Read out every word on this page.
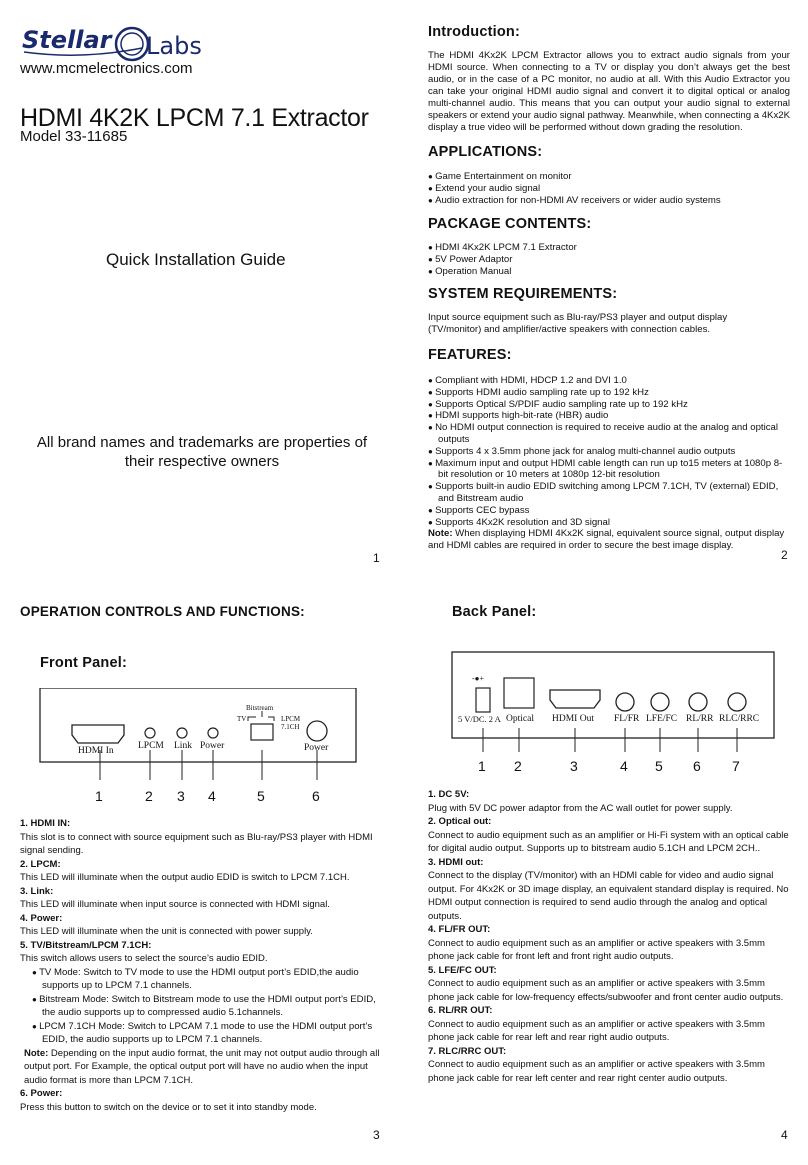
Stellar Labs
www.mcmelectronics.com
HDMI 4K2K LPCM 7.1 Extractor
Model 33-11685
Quick Installation Guide
All brand names and trademarks are properties of their respective owners
1
Introduction:
The HDMI 4Kx2K LPCM Extractor allows you to extract audio signals from your HDMI source. When connecting to a TV or display you don’t always get the best audio, or in the case of a PC monitor, no audio at all. With this Audio Extractor you can take your original HDMI audio signal and convert it to digital optical or analog multi-channel audio. This means that you can output your audio signal to external speakers or extend your audio signal pathway. Meanwhile, when connecting a 4Kx2K display a true video will be performed without down grading the resolution.
APPLICATIONS:
● Game Entertainment on monitor
● Extend your audio signal
● Audio extraction for non-HDMI AV receivers or wider audio systems
PACKAGE CONTENTS:
● HDMI 4Kx2K LPCM 7.1 Extractor
● 5V Power Adaptor
● Operation Manual
SYSTEM REQUIREMENTS:
Input source equipment such as Blu-ray/PS3 player and output display (TV/monitor) and amplifier/active speakers with connection cables.
FEATURES:
● Compliant with HDMI, HDCP 1.2 and DVI 1.0
● Supports HDMI audio sampling rate up to 192 kHz
● Supports Optical S/PDIF audio sampling rate up to 192 kHz
● HDMI supports high-bit-rate (HBR) audio
● No HDMI output connection is required to receive audio at the analog and optical outputs
● Supports 4 x 3.5mm phone jack for analog multi-channel audio outputs
● Maximum input and output HDMI cable length can run up to15 meters at 1080p 8-bit resolution or 10 meters at 1080p 12-bit resolution
● Supports built-in audio EDID switching among LPCM 7.1CH, TV (external) EDID, and Bitstream audio
● Supports CEC bypass
● Supports 4Kx2K resolution and 3D signal
Note: When displaying HDMI 4Kx2K signal, equivalent source signal, output display and HDMI cables are required in order to secure the best image display.
2
OPERATION CONTROLS AND FUNCTIONS:
Front Panel:
HDMI In	LPCM Link Power
Bitstream
TV	LPCM
7.1CH
Power
1	2 3 4	5	6

1. HDMI IN:

This slot is to connect with source equipment such as Blu-ray/PS3 player with HDMI signal sending.

2. LPCM:

This LED will illuminate when the output audio EDID is switch to LPCM 7.1CH.

3. Link:

This LED will illuminate when input source is connected with HDMI signal.

4. Power:

This LED will illuminate when the unit is connected with power supply.

5. TV/Bitstream/LPCM 7.1CH:

This switch allows users to select the source’s audio EDID.

● TV Mode: Switch to TV mode to use the HDMI output port’s EDID,the audio supports up to LPCM 7.1 channels.
● Bitstream Mode: Switch to Bitstream mode to use the HDMI output port’s EDID, the audio supports up to compressed audio 5.1channels.
● LPCM 7.1CH Mode: Switch to LPCAM 7.1 mode to use the HDMI output port’s EDID, the audio supports up to LPCM 7.1 channels.

Note: Depending on the input audio format, the unit may not output audio through all output port. For Example, the optical output port will have no audio when the input audio format is more than LPCM 7.1CH.

6. Power:

Press this button to switch on the device or to set it into standby mode.

3
Back Panel:
-●+
5 V/DC. 2 A Optical HDMI Out FL/FR LFE/FC RL/RR RLC/RRC
1 2	3	4 5 6 7

1. DC 5V:

Plug with 5V DC power adaptor from the AC wall outlet for power supply.

2. Optical out:

Connect to audio equipment such as an amplifier or Hi-Fi system with an optical cable for digital audio output. Supports up to bitstream audio 5.1CH and LPCM 2CH..

3. HDMI out:

Connect to the display (TV/monitor) with an HDMI cable for video and audio signal output. For 4Kx2K or 3D image display, an equivalent standard display is required. No HDMI output connection is required to send audio through the analog and optical outputs.

4. FL/FR OUT:

Connect to audio equipment such as an amplifier or active speakers with 3.5mm phone jack cable for front left and front right audio outputs.

5. LFE/FC OUT:

Connect to audio equipment such as an amplifier or active speakers with 3.5mm phone jack cable for low-frequency effects/subwoofer and front center audio outputs.

6. RL/RR OUT:

Connect to audio equipment such as an amplifier or active speakers with 3.5mm phone jack cable for rear left and rear right audio outputs.

7. RLC/RRC OUT:

Connect to audio equipment such as an amplifier or active speakers with 3.5mm phone jack cable for rear left center and rear right center audio outputs.

4
